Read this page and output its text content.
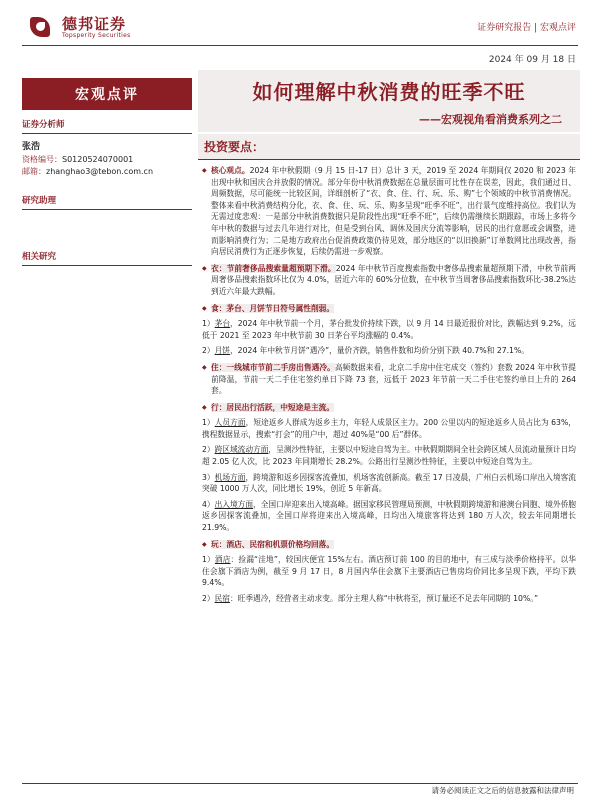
德邦证券
Topsperity Securities
证券研究报告 | 宏观点评
2024 年 09 月 18 日
宏观点评
证券分析师
张浩
资格编号：S0120524070001
邮箱：zhanghao3@tebon.com.cn
研究助理
相关研究
如何理解中秋消费的旺季不旺
——宏观视角看消费系列之二
投资要点：
◆ 核心观点。2024 年中秋假期（9 月 15 日-17 日）总计 3 天，2019 至 2024 年期间仅 2020 和 2023 年出现中秋和国庆合并放假的情况。部分年份中秋消费数据在总量层面可比性存在误差，因此，我们通过日、周频数据，尽可能统一比较区间，详细剖析了“衣、食、住、行、玩、乐、购”七个领域的中秋节消费情况。整体来看中秋消费结构分化，衣、食、住、玩、乐、购多呈现“旺季不旺”，出行景气度维持高位。我们认为无需过度悲观：一是部分中秋消费数据只是阶段性出现“旺季不旺”，后续仍需继续长期跟踪，市场上多将今年中秋的数据与过去几年进行对比，但是受到台风、调休及国庆分流等影响，居民的出行意愿或会调整，进而影响消费行为；二是地方政府出台促消费政策仍待见效，部分地区的“以旧换新”订单数网比出现改善，指向居民消费行为正逐步恢复，后续仍需进一步观察。
◆ 衣：节前奢侈品搜索量超预期下滑。2024 年中秋节百度搜索指数中奢侈品搜索量超预期下滑，中秋节前两周奢侈品搜索指数环比仅为 4.0%，居近六年的 60%分位数，在中秋节当周奢侈品搜索指数环比-38.2%达到近六年最大跌幅。
◆ 食：茅台、月饼节日符号属性削弱。
1）茅台，2024 年中秋节前一个月，茅台批发价持续下跌，以 9 月 14 日最近报价对比，跌幅达到 9.2%，远低于 2021 至 2023 年中秋节前 30 日茅台平均涨幅的 0.4%。
2）月饼，2024 年中秋节月饼“遇冷”，量价齐跌，销售件数和均价分别下跌 40.7%和 27.1%。
◆ 住：一线城市节前二手房出售遇冷。高频数据来看，北京二手房中住宅成交（签约）套数 2024 年中秋节提前降温，节前一天二手住宅签约单日下降 73 套，远低于 2023 年节前一天二手住宅签约单日上升的 264 套。
◆ 行：居民出行活跃，中短途是主流。
1）人员方面，短途返乡人群成为返乡主力，年轻人成景区主力。200 公里以内的短途返乡人员占比为 63%，携程数据显示，搜索“打会”的用户中，超过 40%是“00 后”群体。
2）跨区域流动方面，呈测沙性特征，主要以中短途自驾为主。中秋假期期间全社会跨区域人员流动量预计日均超 2.05 亿人次，比 2023 年同期增长 28.2%。公路出行呈测沙性特征，主要以中短途自驾为主。
3）机场方面，跨境游和返乡因探客流叠加，机场客流创新高。截至 17 日凌晨，广州白云机场口岸出入境客流突破 1000 万人次，同比增长 19%，创近 5 年新高。
4）出入境方面，全国口岸迎来出入境高峰。据国家移民管理局预测，中秋假期跨境游和港澳台同胞、境外侨胞返乡因探客流叠加，全国口岸将迎来出入境高峰，日均出入境旅客将达到 180 万人次，较去年同期增长 21.9%。
◆ 玩：酒店、民宿和机票价格均回落。
1）酒店：捡漏“洼地”，较国庆便宜 15%左右。酒店预订前 100 的目的地中，有三成与淡季价格持平。以华住会旗下酒店为例，截至 9 月 17 日，8 月国内华住会旗下主要酒店已售房均价同比多呈现下跌，平均下跌 9.4%。
2）民宿：旺季遇冷，经营者主动求变。部分主理人称“中秋将至，预订量还不足去年同期的 10%。”
请务必阅读正文之后的信息披露和法律声明
